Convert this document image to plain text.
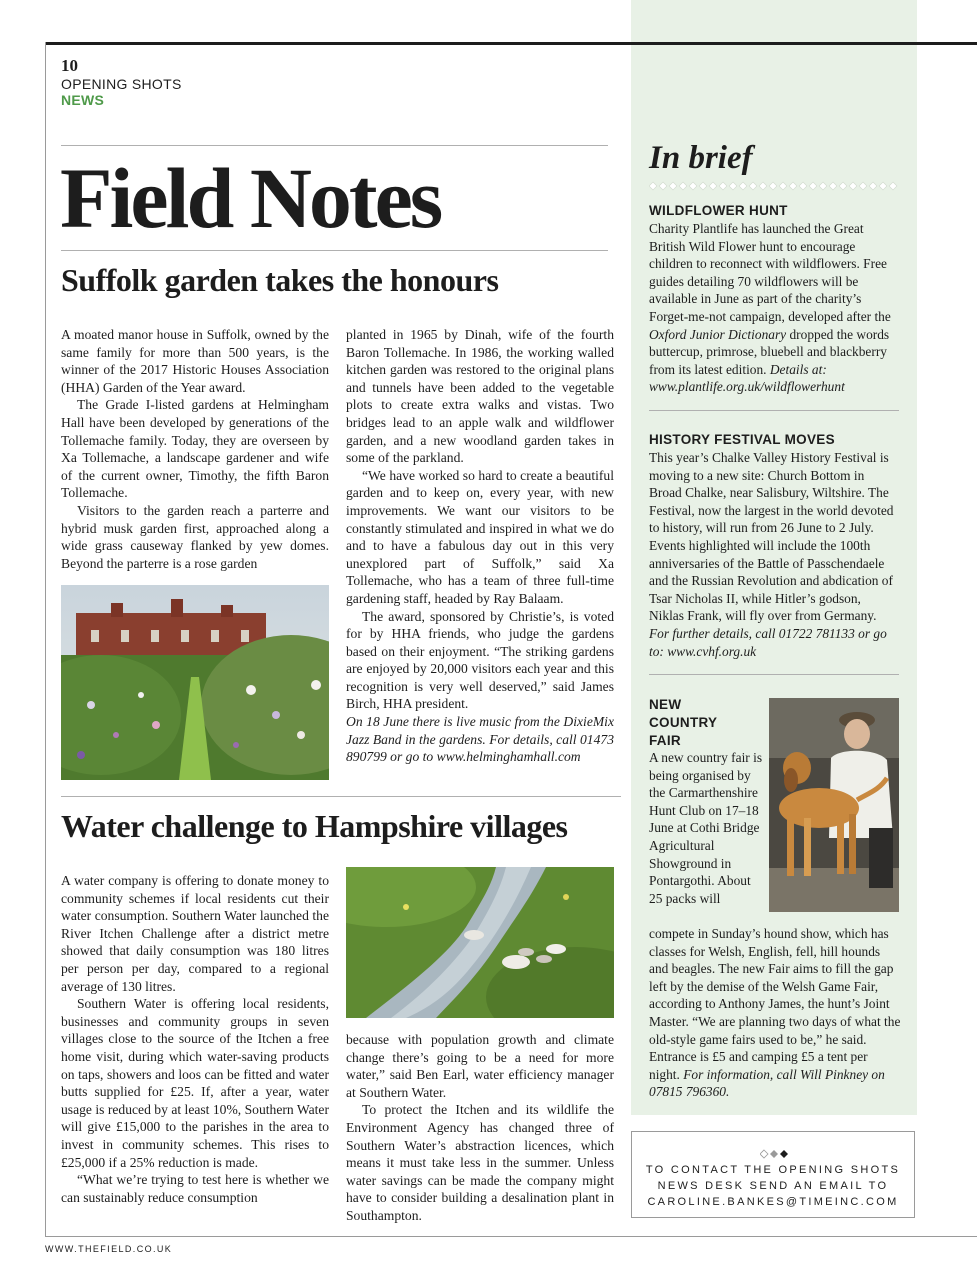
10
OPENING SHOTS
NEWS
Field Notes
Suffolk garden takes the honours

A moated manor house in Suffolk, owned by the same family for more than 500 years, is the winner of the 2017 Historic Houses Association (HHA) Garden of the Year award.

The Grade I-listed gardens at Helmingham Hall have been developed by generations of the Tollemache family. Today, they are overseen by Xa Tollemache, a landscape gardener and wife of the current owner, Timothy, the fifth Baron Tollemache.

Visitors to the garden reach a parterre and hybrid musk garden first, approached along a wide grass causeway flanked by yew domes. Beyond the parterre is a rose garden

planted in 1965 by Dinah, wife of the fourth Baron Tollemache. In 1986, the working walled kitchen garden was restored to the original plans and tunnels have been added to the vegetable plots to create extra walks and vistas. Two bridges lead to an apple walk and wildflower garden, and a new woodland garden takes in some of the parkland.

“We have worked so hard to create a beautiful garden and to keep on, every year, with new improvements. We want our visitors to be constantly stimulated and inspired in what we do and to have a fabulous day out in this very unexplored part of Suffolk,” said Xa Tollemache, who has a team of three full-time gardening staff, headed by Ray Balaam.

The award, sponsored by Christie’s, is voted for by HHA friends, who judge the gardens based on their enjoyment. “The striking gardens are enjoyed by 20,000 visitors each year and this recognition is very well deserved,” said James Birch, HHA president.

On 18 June there is live music from the DixieMix Jazz Band in the gardens. For details, call 01473 890799 or go to www.helminghamhall.com

Water challenge to Hampshire villages

A water company is offering to donate money to community schemes if local residents cut their water consumption. Southern Water launched the River Itchen Challenge after a district metre showed that daily consumption was 180 litres per person per day, compared to a regional average of 130 litres.

Southern Water is offering local residents, businesses and community groups in seven villages close to the source of the Itchen a free home visit, during which water-saving products on taps, showers and loos can be fitted and water butts supplied for £25. If, after a year, water usage is reduced by at least 10%, Southern Water will give £15,000 to the parishes in the area to invest in community schemes. This rises to £25,000 if a 25% reduction is made.

“What we’re trying to test here is whether we can sustainably reduce consumption

because with population growth and climate change there’s going to be a need for more water,” said Ben Earl, water efficiency manager at Southern Water.

To protect the Itchen and its wildlife the Environment Agency has changed three of Southern Water’s abstraction licences, which means it must take less in the summer. Unless water savings can be made the company might have to consider building a desalination plant in Southampton.

In brief
WILDFLOWER HUNT
Charity Plantlife has launched the Great British Wild Flower hunt to encourage children to reconnect with wildflowers. Free guides detailing 70 wildflowers will be available in June as part of the charity’s Forget-me-not campaign, developed after the Oxford Junior Dictionary dropped the words buttercup, primrose, bluebell and blackberry from its latest edition. Details at: www.plantlife.org.uk/wildflowerhunt
HISTORY FESTIVAL MOVES
This year’s Chalke Valley History Festival is moving to a new site: Church Bottom in Broad Chalke, near Salisbury, Wiltshire. The Festival, now the largest in the world devoted to history, will run from 26 June to 2 July. Events highlighted will include the 100th anniversaries of the Battle of Passchendaele and the Russian Revolution and abdication of Tsar Nicholas II, while Hitler’s godson, Niklas Frank, will fly over from Germany. For further details, call 01722 781133 or go to: www.cvhf.org.uk
NEW
COUNTRY
FAIR
A new country fair is being organised by the Carmarthenshire Hunt Club on 17–18 June at Cothi Bridge Agricultural Showground in Pontargothi. About 25 packs will
compete in Sunday’s hound show, which has classes for Welsh, English, fell, hill hounds and beagles. The new Fair aims to fill the gap left by the demise of the Welsh Game Fair, according to Anthony James, the hunt’s Joint Master. “We are planning two days of what the old-style game fairs used to be,” he said. Entrance is £5 and camping £5 a tent per night. For information, call Will Pinkney on 07815 796360.
TO CONTACT THE OPENING SHOTS
NEWS DESK SEND AN EMAIL TO
CAROLINE.BANKES@TIMEINC.COM
WWW.THEFIELD.CO.UK
